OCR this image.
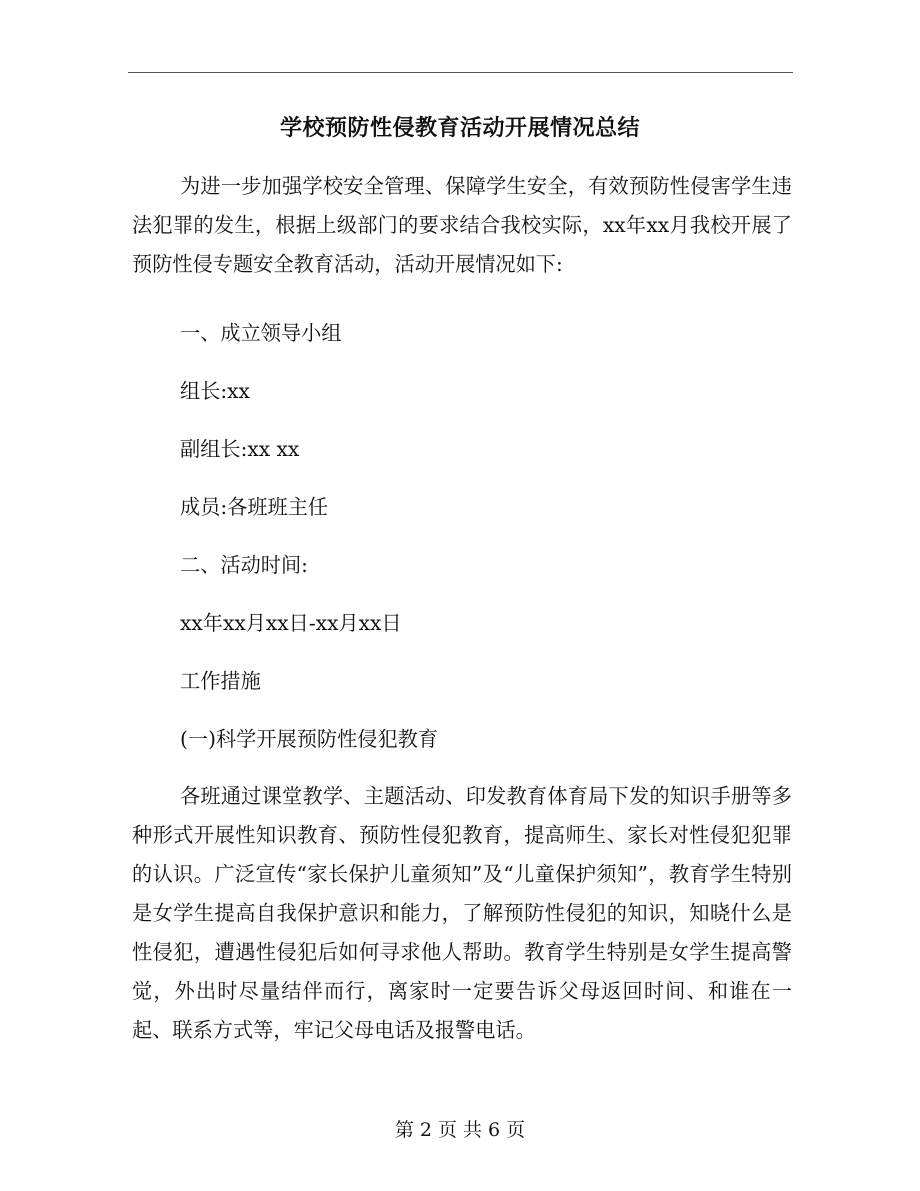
学校预防性侵教育活动开展情况总结

为进一步加强学校安全管理、保障学生安全，有效预防性侵害学生违法犯罪的发生，根据上级部门的要求结合我校实际，xx年xx月我校开展了预防性侵专题安全教育活动，活动开展情况如下:

一、成立领导小组

组长:xx

副组长:xx xx

成员:各班班主任

二、活动时间:

xx年xx月xx日-xx月xx日

工作措施

(一)科学开展预防性侵犯教育

各班通过课堂教学、主题活动、印发教育体育局下发的知识手册等多种形式开展性知识教育、预防性侵犯教育，提高师生、家长对性侵犯犯罪的认识。广泛宣传“家长保护儿童须知”及“儿童保护须知”，教育学生特别是女学生提高自我保护意识和能力，了解预防性侵犯的知识，知晓什么是性侵犯，遭遇性侵犯后如何寻求他人帮助。教育学生特别是女学生提高警觉，外出时尽量结伴而行，离家时一定要告诉父母返回时间、和谁在一起、联系方式等，牢记父母电话及报警电话。

第 2 页 共 6 页
